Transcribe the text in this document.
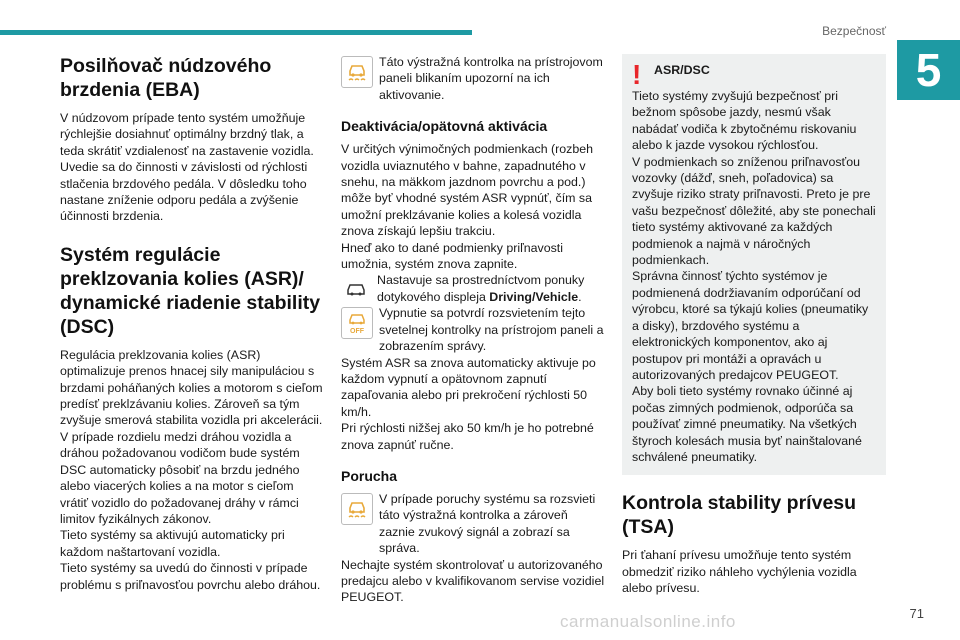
Bezpečnosť
5
Posilňovač núdzového brzdenia (EBA)

V núdzovom prípade tento systém umožňuje rýchlejšie dosiahnuť optimálny brzdný tlak, a teda skrátiť vzdialenosť na zastavenie vozidla. Uvedie sa do činnosti v závislosti od rýchlosti stlačenia brzdového pedála. V dôsledku toho nastane zníženie odporu pedála a zvýšenie účinnosti brzdenia.

Systém regulácie preklzovania kolies (ASR)/ dynamické riadenie stability (DSC)

Regulácia preklzovania kolies (ASR) optimalizuje prenos hnacej sily manipuláciou s brzdami poháňaných kolies a motorom s cieľom predísť preklzávaniu kolies. Zároveň sa tým zvyšuje smerová stabilita vozidla pri akcelerácii.

V prípade rozdielu medzi dráhou vozidla a dráhou požadovanou vodičom bude systém DSC automaticky pôsobiť na brzdu jedného alebo viacerých kolies a na motor s cieľom vrátiť vozidlo do požadovanej dráhy v rámci limitov fyzikálnych zákonov.

Tieto systémy sa aktivujú automaticky pri každom naštartovaní vozidla.

Tieto systémy sa uvedú do činnosti v prípade problému s priľnavosťou povrchu alebo dráhou.

Táto výstražná kontrolka na prístrojovom paneli blikaním upozorní na ich aktivovanie.

Deaktivácia/opätovná aktivácia

V určitých výnimočných podmienkach (rozbeh vozidla uviaznutého v bahne, zapadnutého v snehu, na mäkkom jazdnom povrchu a pod.) môže byť vhodné systém ASR vypnúť, čím sa umožní preklzávanie kolies a kolesá vozidla znova získajú lepšiu trakciu.

Hneď ako to dané podmienky priľnavosti umožnia, systém znova zapnite.

Nastavuje sa prostredníctvom ponuky dotykového displeja Driving/Vehicle.

OFF

Vypnutie sa potvrdí rozsvietením tejto svetelnej kontrolky na prístrojom paneli a zobrazením správy.

Systém ASR sa znova automaticky aktivuje po každom vypnutí a opätovnom zapnutí zapaľovania alebo pri prekročení rýchlosti 50 km/h.

Pri rýchlosti nižšej ako 50 km/h je ho potrebné znova zapnúť ručne.

Porucha

V prípade poruchy systému sa rozsvieti táto výstražná kontrolka a zároveň zaznie zvukový signál a zobrazí sa správa.

Nechajte systém skontrolovať u autorizovaného predajcu alebo v kvalifikovanom servise vozidiel PEUGEOT.

!	ASR/DSC

Tieto systémy zvyšujú bezpečnosť pri bežnom spôsobe jazdy, nesmú však nabádať vodiča k zbytočnému riskovaniu alebo k jazde vysokou rýchlosťou.

V podmienkach so zníženou priľnavosťou vozovky (dážď, sneh, poľadovica) sa zvyšuje riziko straty priľnavosti. Preto je pre vašu bezpečnosť dôležité, aby ste ponechali tieto systémy aktivované za každých podmienok a najmä v náročných podmienkach.

Správna činnosť týchto systémov je podmienená dodržiavaním odporúčaní od výrobcu, ktoré sa týkajú kolies (pneumatiky a disky), brzdového systému a elektronických komponentov, ako aj postupov pri montáži a opravách u autorizovaných predajcov PEUGEOT.

Aby boli tieto systémy rovnako účinné aj počas zimných podmienok, odporúča sa používať zimné pneumatiky. Na všetkých štyroch kolesách musia byť nainštalované schválené pneumatiky.

Kontrola stability prívesu (TSA)

Pri ťahaní prívesu umožňuje tento systém obmedziť riziko náhleho vychýlenia vozidla alebo prívesu.

71
carmanualsonline.info
